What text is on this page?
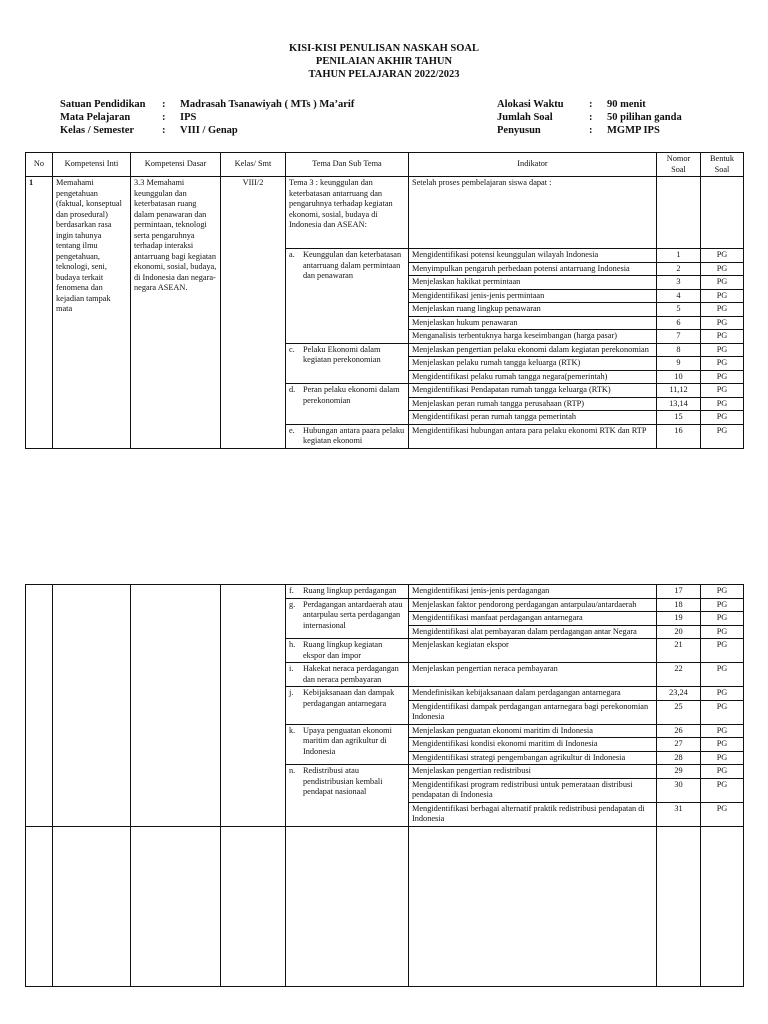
KISI-KISI PENULISAN NASKAH SOAL
PENILAIAN AKHIR TAHUN
TAHUN PELAJARAN 2022/2023
Satuan Pendidikan	:	Madrasah Tsanawiyah ( MTs ) Ma’arif
Mata Pelajaran	:	IPS
Kelas / Semester	:	VIII / Genap
Alokasi Waktu	:	90 menit
Jumlah Soal	:	50 pilihan ganda
Penyusun	:	MGMP IPS
No	Kompetensi Inti	Kompetensi Dasar	Kelas/ Smt	Tema Dan Sub Tema	Indikator	Nomor Soal	Bentuk Soal
1	Memahami pengetahuan (faktual, konseptual dan prosedural) berdasarkan rasa ingin tahunya tentang ilmu pengetahuan, teknologi, seni, budaya terkait fenomena dan kejadian tampak mata	3.3 Memahami keunggulan dan keterbatasan ruang dalam penawaran dan permintaan, teknologi serta pengaruhnya terhadap interaksi antarruang bagi kegiatan ekonomi, sosial, budaya, di Indonesia dan negara-negara ASEAN.	VIII/2	Tema 3 : keunggulan dan keterbatasan antarruang dan pengaruhnya terhadap kegiatan ekonomi, sosial, budaya di Indonesia dan ASEAN:	Setelah proses pembelajaran siswa dapat :		

				a. Keunggulan dan keterbatasan antarruang dalam permintaan dan penawaran	Mengidentifikasi potensi keunggulan wilayah Indonesia	1	PG
					Menyimpulkan pengaruh perbedaan potensi antarruang Indonesia	2	PG
					Menjelaskan hakikat permintaan	3	PG
					Mengidentifikasi jenis-jenis permintaan	4	PG
					Menjelaskan ruang lingkup penawaran	5	PG
					Menjelaskan hukum penawaran	6	PG
					Menganalisis terbentuknya harga keseimbangan (harga pasar)	7	PG

				c. Pelaku Ekonomi dalam kegiatan perekonomian	Menjelaskan pengertian pelaku ekonomi dalam kegiatan perekonomian	8	PG
					Menjelaskan pelaku rumah tangga keluarga (RTK)	9	PG
					Mengidentifikasi pelaku rumah tangga negara(pemerintah)	10	PG

				d. Peran pelaku ekonomi dalam perekonomian	Mengidentifikasi Pendapatan rumah tangga keluarga (RTK)	11,12	PG
					Menjelaskan peran rumah tangga perusahaan (RTP)	13,14	PG
					Mengidentifikasi peran rumah tangga pemerintah	15	PG

				e. Hubungan antara paara pelaku kegiatan ekonomi	Mengidentifikasi hubungan antara para pelaku ekonomi RTK dan RTP	16	PG

				f. Ruang lingkup perdagangan	Mengidentifikasi jenis-jenis perdagangan	17	PG

				g. Perdagangan antardaerah atau antarpulau serta perdagangan internasional	Menjelaskan faktor pendorong perdagangan antarpulau/antardaerah	18	PG
					Mengidentifikasi manfaat perdagangan antarnegara	19	PG
					Mengidentifikasi alat pembayaran dalam perdagangan antar Negara	20	PG

				h. Ruang lingkup kegiatan ekspor dan impor	Menjelaskan kegiatan ekspor	21	PG

				i. Hakekat neraca perdagangan dan neraca pembayaran	Menjelaskan pengertian neraca pembayaran	22	PG

				j. Kebijaksanaan dan dampak perdagangan antarnegara	Mendefinisikan kebijaksanaan dalam perdagangan antarnegara	23,24	PG
					Mengidentifikasi dampak perdagangan antarnegara bagi perekonomian Indonesia	25	PG

				k. Upaya penguatan ekonomi maritim dan agrikultur di Indonesia	Menjelaskan penguatan ekonomi maritim di Indonesia	26	PG
					Mengidentifikasi kondisi ekonomi maritim di Indonesia	27	PG
					Mengidentifikasi strategi pengembangan agrikultur di Indonesia	28	PG

				n. Redistribusi atau pendistribusian kembali pendapat nasionaal	Menjelaskan pengertian redistribusi	29	PG
					Mengidentifikasi program redistribusi untuk pemerataan distribusi pendapatan di Indonesia	30	PG
					Mengidentifikasi berbagai alternatif praktik redistribusi pendapatan di Indonesia	31	PG
